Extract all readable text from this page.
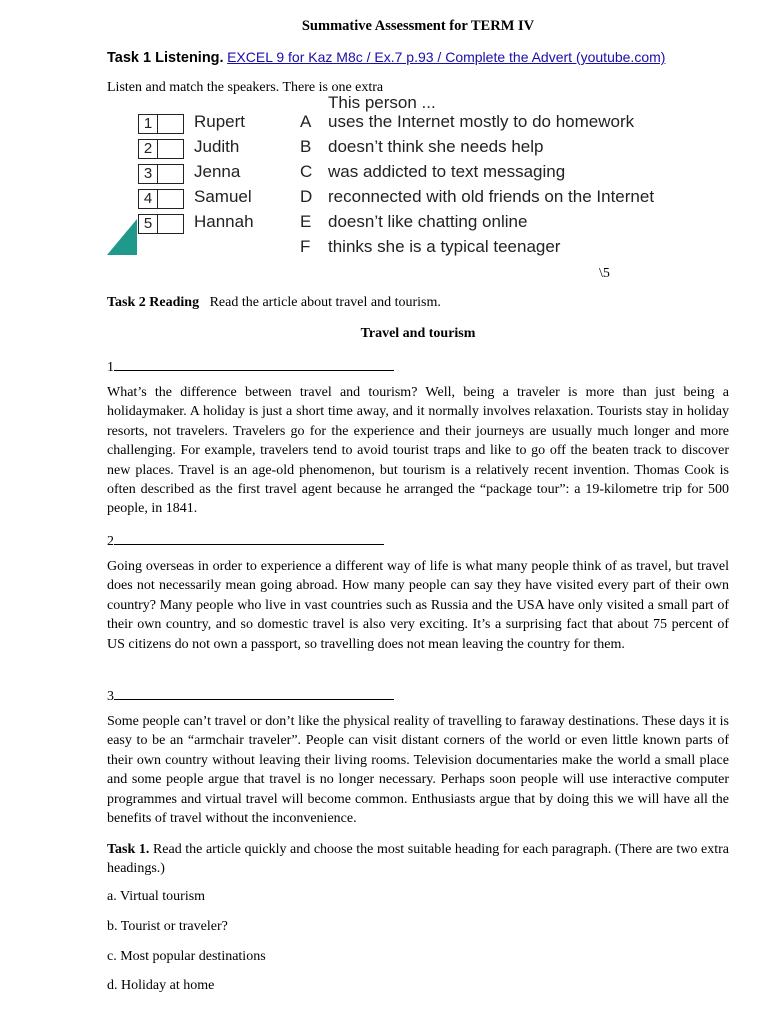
Summative Assessment for TERM IV
Task 1 Listening. EXCEL 9 for Kaz M8c / Ex.7 p.93 / Complete the Advert (youtube.com)
Listen and match the speakers. There is one extra
This person ...
1	Rupert	A uses the Internet mostly to do homework
2	Judith	B doesn’t think she needs help
3	Jenna	C was addicted to text messaging
4	Samuel	D reconnected with old friends on the Internet
5	Hannah	E doesn’t like chatting online
F thinks she is a typical teenager
\5
Task 2 Reading Read the article about travel and tourism.
Travel and tourism
1

What’s the difference between travel and tourism? Well, being a traveler is more than just being a holidaymaker. A holiday is just a short time away, and it normally involves relaxation. Tourists stay in holiday resorts, not travelers. Travelers go for the experience and their journeys are usually much longer and more challenging. For example, travelers tend to avoid tourist traps and like to go off the beaten track to discover new places. Travel is an age-old phenomenon, but tourism is a relatively recent invention. Thomas Cook is often described as the first travel agent because he arranged the “package tour”: a 19-kilometre trip for 500 people, in 1841.

2

Going overseas in order to experience a different way of life is what many people think of as travel, but travel does not necessarily mean going abroad. How many people can say they have visited every part of their own country? Many people who live in vast countries such as Russia and the USA have only visited a small part of their own country, and so domestic travel is also very exciting. It’s a surprising fact that about 75 percent of US citizens do not own a passport, so travelling does not mean leaving the country for them.

3

Some people can’t travel or don’t like the physical reality of travelling to faraway destinations. These days it is easy to be an “armchair traveler”. People can visit distant corners of the world or even little known parts of their own country without leaving their living rooms. Television documentaries make the world a small place and some people argue that travel is no longer necessary. Perhaps soon people will use interactive computer programmes and virtual travel will become common. Enthusiasts argue that by doing this we will have all the benefits of travel without the inconvenience.

Task 1. Read the article quickly and choose the most suitable heading for each paragraph. (There are two extra headings.)
a. Virtual tourism
b. Tourist or traveler?
c. Most popular destinations
d. Holiday at home
